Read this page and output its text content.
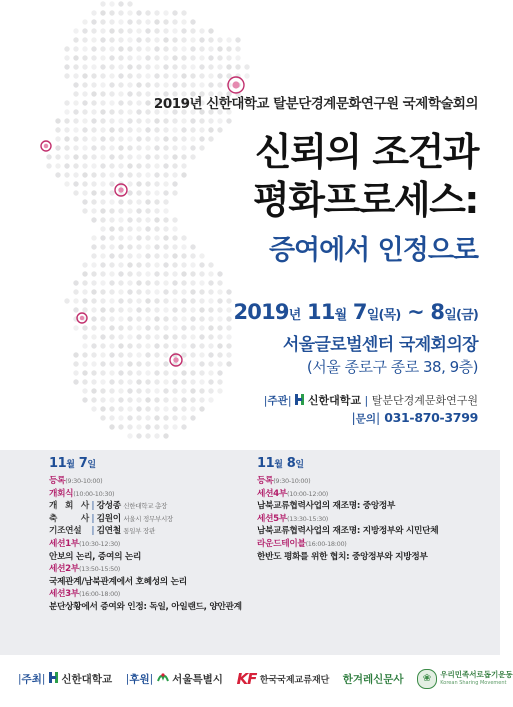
2019년 신한대학교 탈분단경계문화연구원 국제학술회의
신뢰의 조건과
평화프로세스:
증여에서 인정으로
2019년 11월 7일(목) ~ 8일(금)
서울글로벌센터 국제회의장
(서울 종로구 종로 38, 9층)
|주관| 신한대학교 | 탈분단경계문화연구원
|문의| 031-870-3799
11월 7일
등록(9:30-10:00)
개회식(10:00-10:30)
개 회 사 | 강성종 신한대학교 총장
축 사 | 김원이 서울시 정무부시장
기조연설 | 김연철 통일부 장관
세션1부(10:30-12:30)
안보의 논리, 증여의 논리
세션2부(13:50-15:50)
국제관계/남북관계에서 호혜성의 논리
세션3부(16:00-18:00)
분단상황에서 증여와 인정: 독일, 아일랜드, 양안관계
11월 8일
등록(9:30-10:00)
세션4부(10:00-12:00)
남북교류협력사업의 재조명: 중앙정부
세션5부(13:30-15:30)
남북교류협력사업의 재조명: 지방정부와 시민단체
라운드테이블(16:00-18:00)
한반도 평화를 위한 협치: 중앙정부와 지방정부
|주최| 신한대학교 |후원| 서울특별시 KF 한국국제교류재단 한겨레신문사 ❀ 우리민족서로돕기운동
Korean Sharing Movement
